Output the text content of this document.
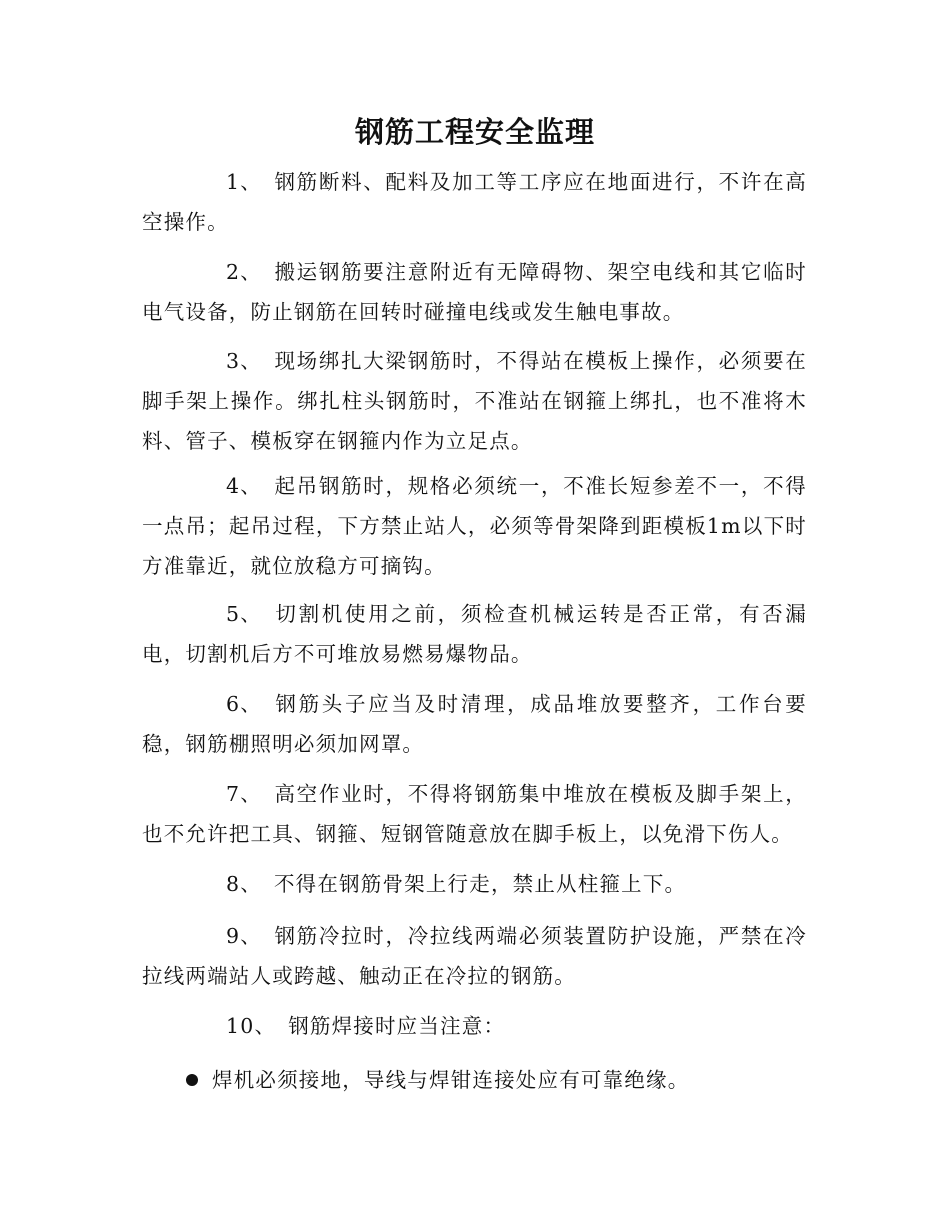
钢筋工程安全监理

1、 钢筋断料、配料及加工等工序应在地面进行，不许在高空操作。

2、 搬运钢筋要注意附近有无障碍物、架空电线和其它临时电气设备，防止钢筋在回转时碰撞电线或发生触电事故。

3、 现场绑扎大梁钢筋时，不得站在模板上操作，必须要在脚手架上操作。绑扎柱头钢筋时，不准站在钢箍上绑扎，也不准将木料、管子、模板穿在钢箍内作为立足点。

4、 起吊钢筋时，规格必须统一，不准长短参差不一，不得一点吊；起吊过程，下方禁止站人，必须等骨架降到距模板1m以下时方准靠近，就位放稳方可摘钩。

5、 切割机使用之前，须检查机械运转是否正常，有否漏电，切割机后方不可堆放易燃易爆物品。

6、 钢筋头子应当及时清理，成品堆放要整齐，工作台要稳，钢筋棚照明必须加网罩。

7、 高空作业时，不得将钢筋集中堆放在模板及脚手架上，也不允许把工具、钢箍、短钢管随意放在脚手板上，以免滑下伤人。

8、 不得在钢筋骨架上行走，禁止从柱箍上下。

9、 钢筋冷拉时，冷拉线两端必须装置防护设施，严禁在冷拉线两端站人或跨越、触动正在冷拉的钢筋。

10、 钢筋焊接时应当注意：

焊机必须接地，导线与焊钳连接处应有可靠绝缘。
